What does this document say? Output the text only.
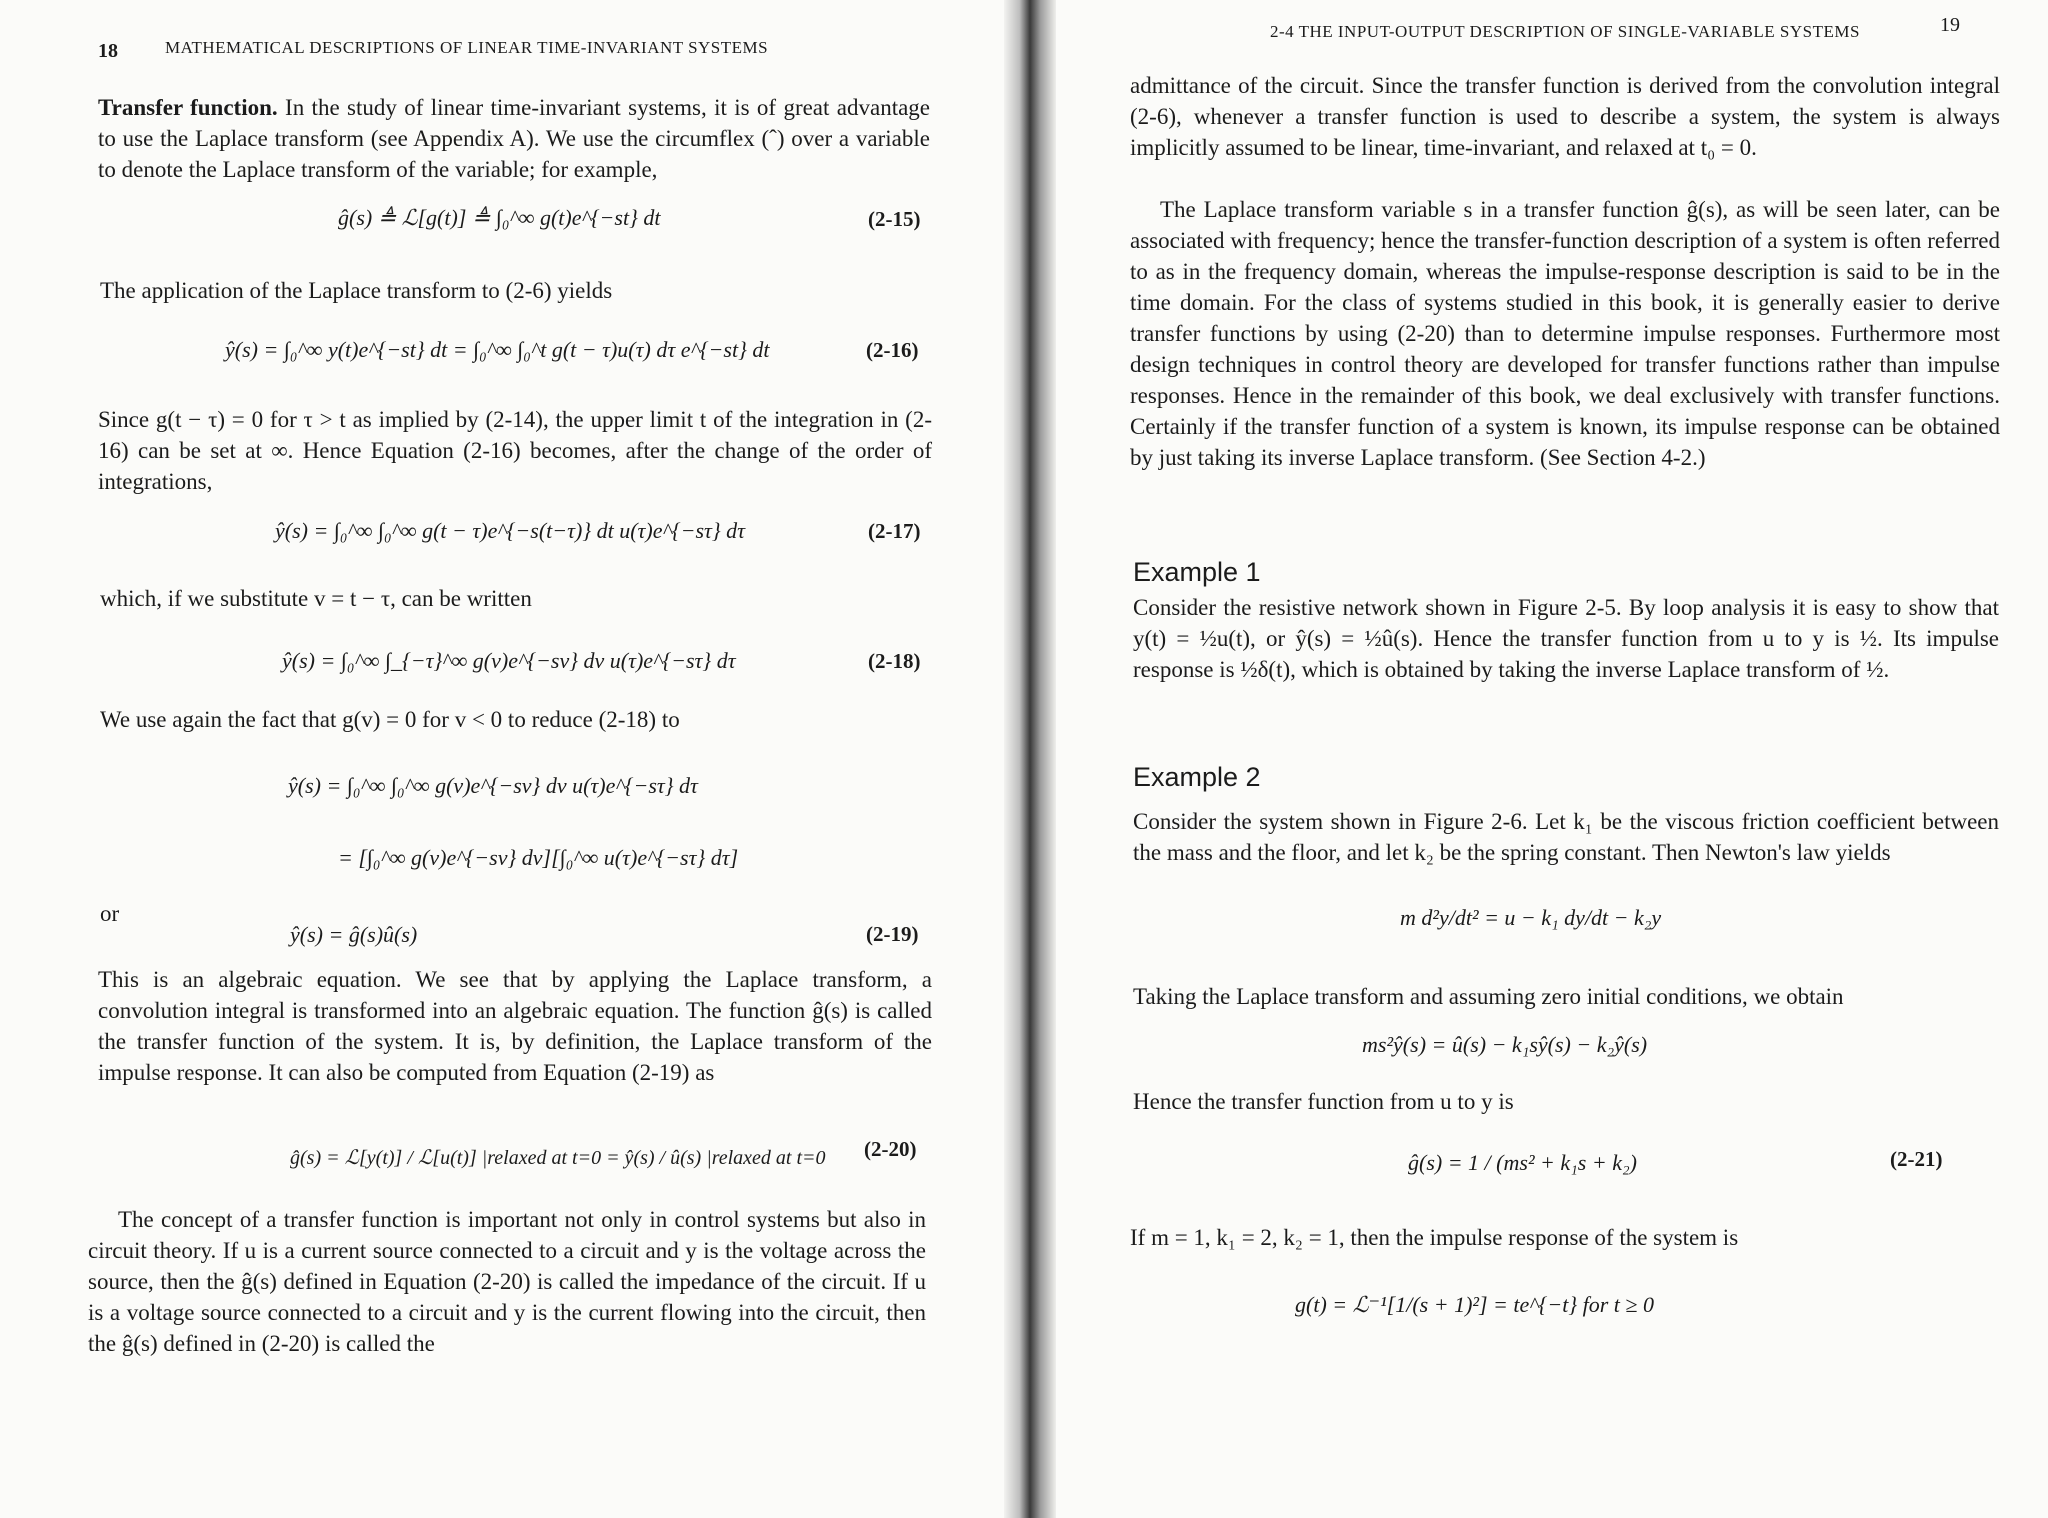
18	MATHEMATICAL DESCRIPTIONS OF LINEAR TIME-INVARIANT SYSTEMS

Transfer function. In the study of linear time-invariant systems, it is of great advantage to use the Laplace transform (see Appendix A). We use the circumflex (ˆ) over a variable to denote the Laplace transform of the variable; for example,

ĝ(s) ≜ ℒ[g(t)] ≜ ∫₀^∞ g(t)e^{−st} dt	(2-15)
The application of the Laplace transform to (2-6) yields
ŷ(s) = ∫₀^∞ y(t)e^{−st} dt = ∫₀^∞ ∫₀^t g(t − τ)u(τ) dτ e^{−st} dt	(2-16)
Since g(t − τ) = 0 for τ > t as implied by (2-14), the upper limit t of the integration in (2-16) can be set at ∞. Hence Equation (2-16) becomes, after the change of the order of integrations,
ŷ(s) = ∫₀^∞ ∫₀^∞ g(t − τ)e^{−s(t−τ)} dt u(τ)e^{−sτ} dτ	(2-17)
which, if we substitute v = t − τ, can be written
ŷ(s) = ∫₀^∞ ∫_{−τ}^∞ g(v)e^{−sv} dv u(τ)e^{−sτ} dτ	(2-18)
We use again the fact that g(v) = 0 for v < 0 to reduce (2-18) to
ŷ(s) = ∫₀^∞ ∫₀^∞ g(v)e^{−sv} dv u(τ)e^{−sτ} dτ
= [∫₀^∞ g(v)e^{−sv} dv][∫₀^∞ u(τ)e^{−sτ} dτ]
or
ŷ(s) = ĝ(s)û(s)	(2-19)
This is an algebraic equation. We see that by applying the Laplace transform, a convolution integral is transformed into an algebraic equation. The function ĝ(s) is called the transfer function of the system. It is, by definition, the Laplace transform of the impulse response. It can also be computed from Equation (2-19) as
ĝ(s) = ℒ[y(t)] / ℒ[u(t)] |relaxed at t=0 = ŷ(s) / û(s) |relaxed at t=0 (2-20)
The concept of a transfer function is important not only in control systems but also in circuit theory. If u is a current source connected to a circuit and y is the voltage across the source, then the ĝ(s) defined in Equation (2-20) is called the impedance of the circuit. If u is a voltage source connected to a circuit and y is the current flowing into the circuit, then the ĝ(s) defined in (2-20) is called the
2-4 THE INPUT-OUTPUT DESCRIPTION OF SINGLE-VARIABLE SYSTEMS	19
admittance of the circuit. Since the transfer function is derived from the convolution integral (2-6), whenever a transfer function is used to describe a system, the system is always implicitly assumed to be linear, time-invariant, and relaxed at t₀ = 0.
The Laplace transform variable s in a transfer function ĝ(s), as will be seen later, can be associated with frequency; hence the transfer-function description of a system is often referred to as in the frequency domain, whereas the impulse-response description is said to be in the time domain. For the class of systems studied in this book, it is generally easier to derive transfer functions by using (2-20) than to determine impulse responses. Furthermore most design techniques in control theory are developed for transfer functions rather than impulse responses. Hence in the remainder of this book, we deal exclusively with transfer functions. Certainly if the transfer function of a system is known, its impulse response can be obtained by just taking its inverse Laplace transform. (See Section 4-2.)
Example 1
Consider the resistive network shown in Figure 2-5. By loop analysis it is easy to show that y(t) = ½u(t), or ŷ(s) = ½û(s). Hence the transfer function from u to y is ½. Its impulse response is ½δ(t), which is obtained by taking the inverse Laplace transform of ½.
Example 2
Consider the system shown in Figure 2-6. Let k₁ be the viscous friction coefficient between the mass and the floor, and let k₂ be the spring constant. Then Newton's law yields
m d²y/dt² = u − k₁ dy/dt − k₂y
Taking the Laplace transform and assuming zero initial conditions, we obtain
ms²ŷ(s) = û(s) − k₁sŷ(s) − k₂ŷ(s)
Hence the transfer function from u to y is
ĝ(s) = 1 / (ms² + k₁s + k₂)	(2-21)
If m = 1, k₁ = 2, k₂ = 1, then the impulse response of the system is
g(t) = ℒ⁻¹[1/(s + 1)²] = te^{−t} for t ≥ 0
